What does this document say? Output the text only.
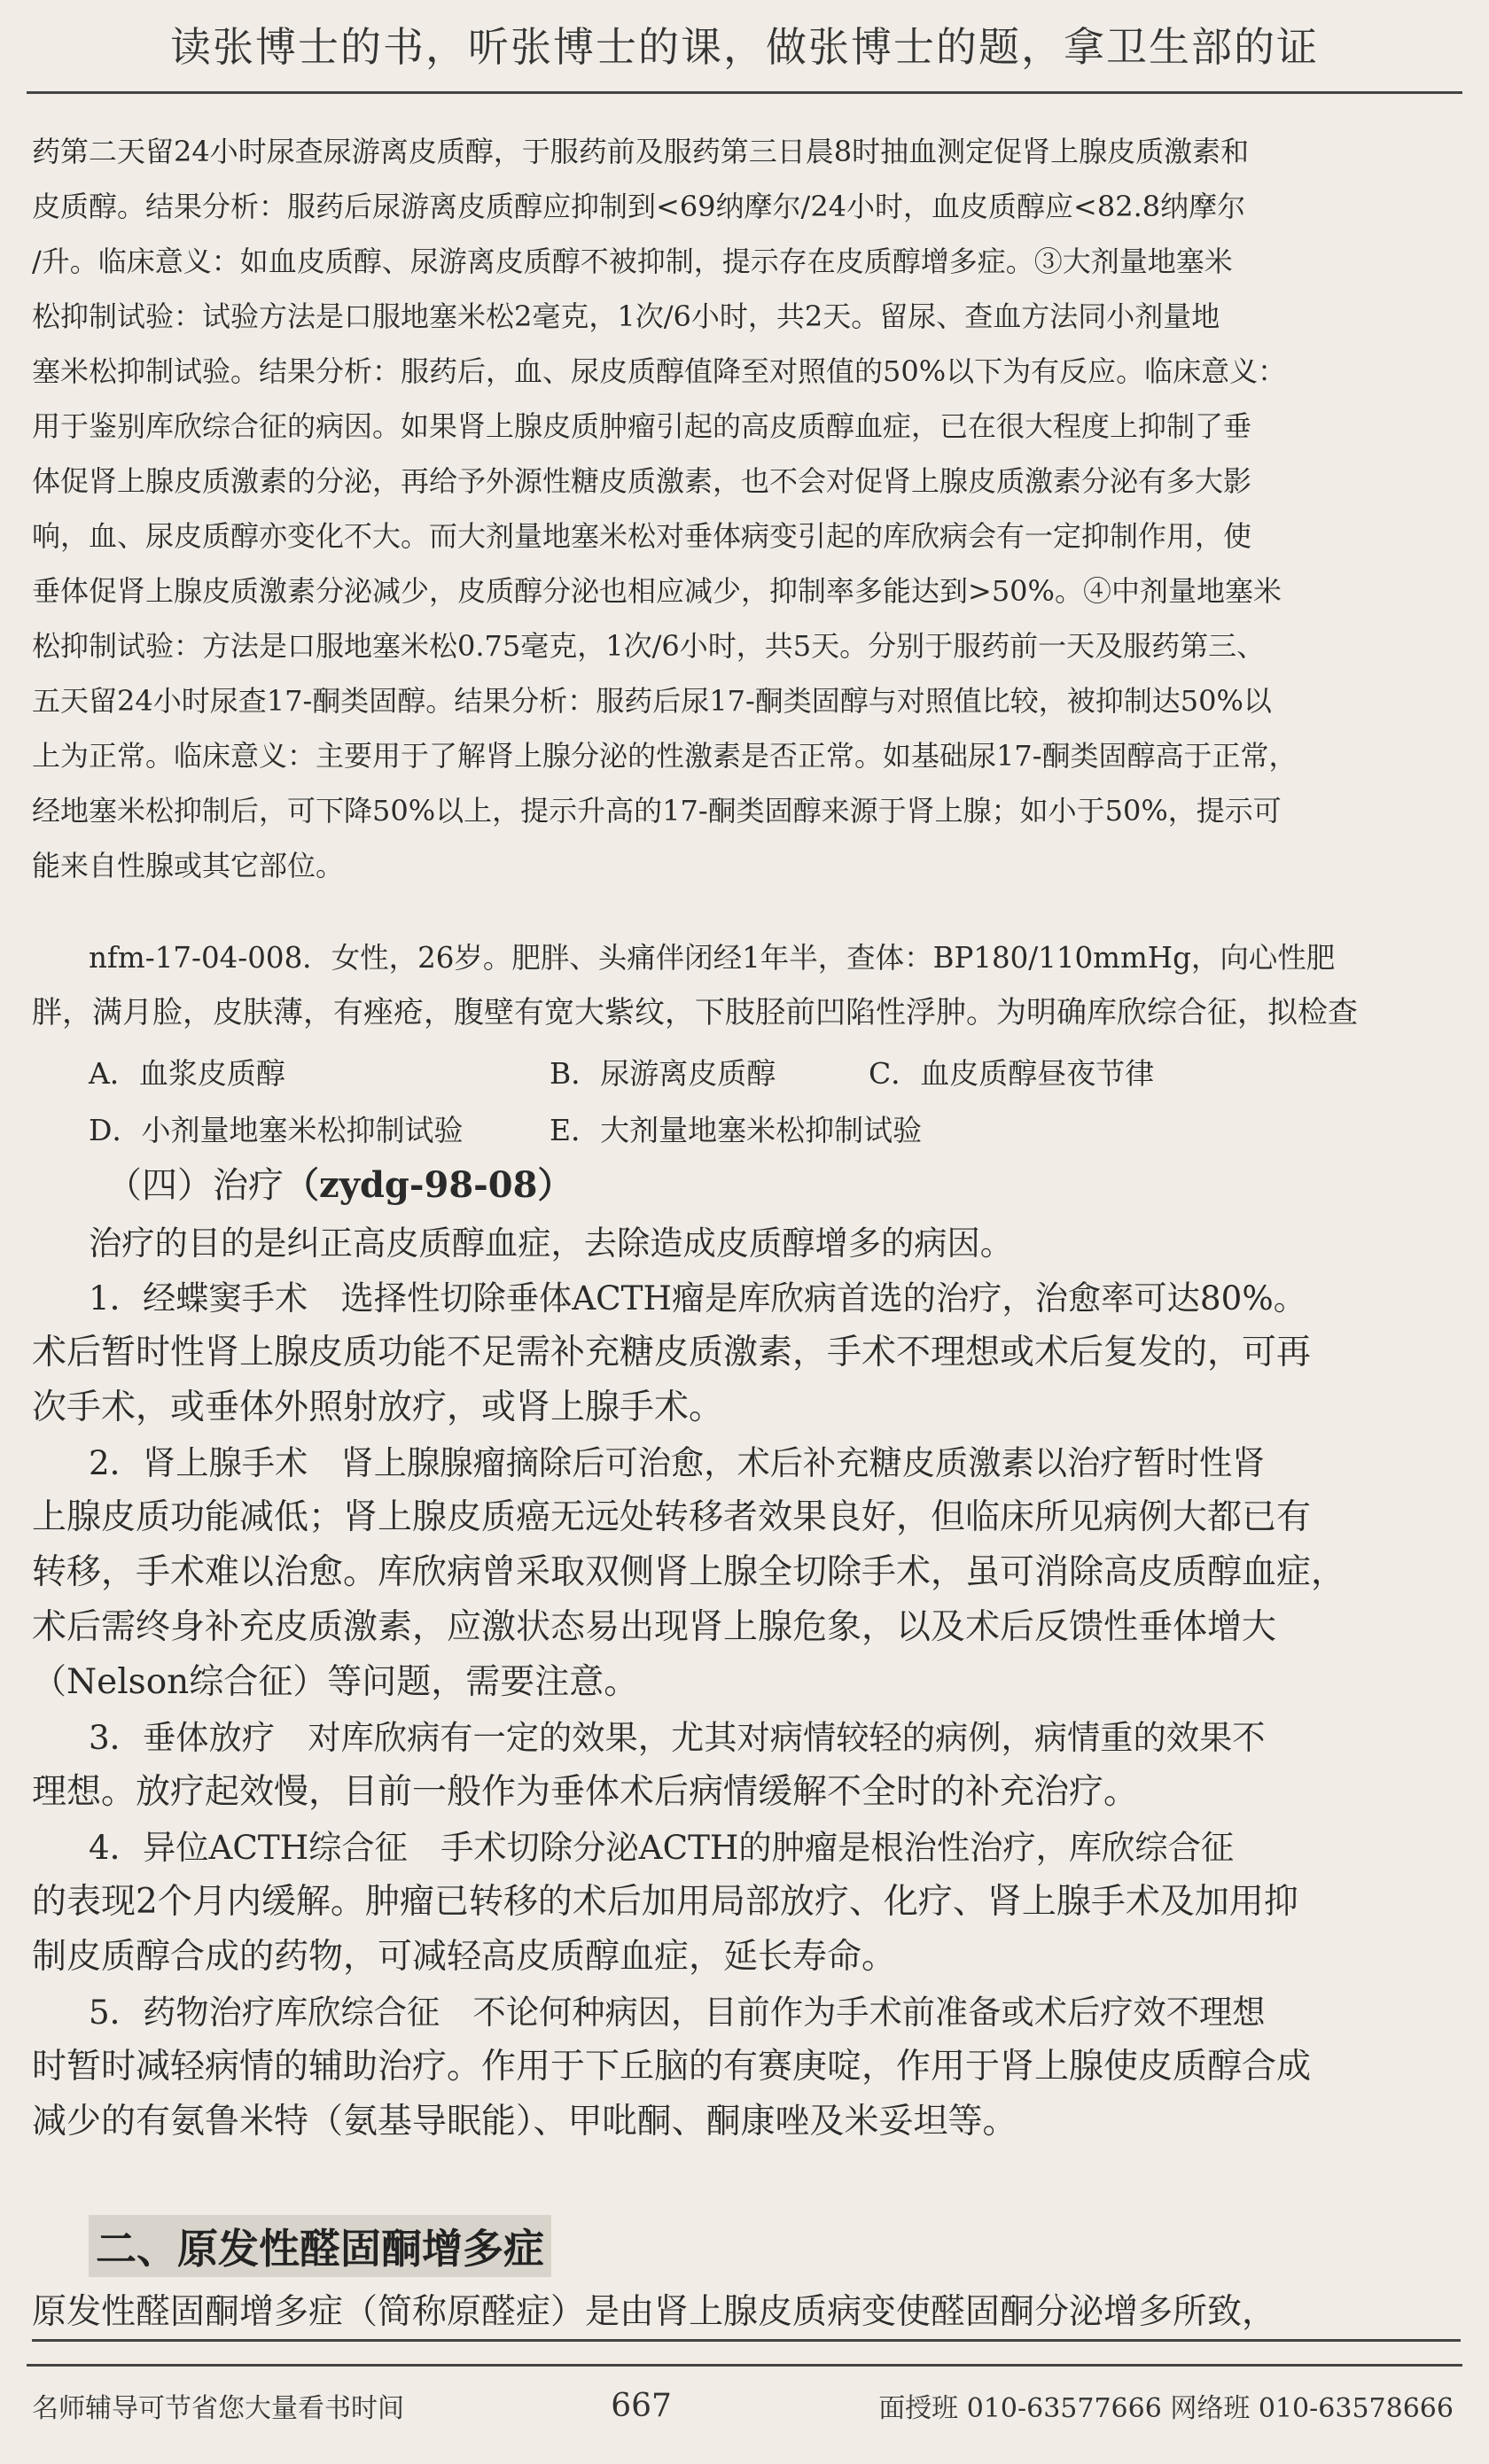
读张博士的书，听张博士的课，做张博士的题，拿卫生部的证
药第二天留24小时尿查尿游离皮质醇，于服药前及服药第三日晨8时抽血测定促肾上腺皮质激素和
皮质醇。结果分析：服药后尿游离皮质醇应抑制到<69纳摩尔/24小时，血皮质醇应<82.8纳摩尔
/升。临床意义：如血皮质醇、尿游离皮质醇不被抑制，提示存在皮质醇增多症。③大剂量地塞米
松抑制试验：试验方法是口服地塞米松2毫克，1次/6小时，共2天。留尿、查血方法同小剂量地
塞米松抑制试验。结果分析：服药后，血、尿皮质醇值降至对照值的50%以下为有反应。临床意义：
用于鉴别库欣综合征的病因。如果肾上腺皮质肿瘤引起的高皮质醇血症，已在很大程度上抑制了垂
体促肾上腺皮质激素的分泌，再给予外源性糖皮质激素，也不会对促肾上腺皮质激素分泌有多大影
响，血、尿皮质醇亦变化不大。而大剂量地塞米松对垂体病变引起的库欣病会有一定抑制作用，使
垂体促肾上腺皮质激素分泌减少，皮质醇分泌也相应减少，抑制率多能达到>50%。④中剂量地塞米
松抑制试验：方法是口服地塞米松0.75毫克，1次/6小时，共5天。分别于服药前一天及服药第三、
五天留24小时尿查17-酮类固醇。结果分析：服药后尿17-酮类固醇与对照值比较，被抑制达50%以
上为正常。临床意义：主要用于了解肾上腺分泌的性激素是否正常。如基础尿17-酮类固醇高于正常，
经地塞米松抑制后，可下降50%以上，提示升高的17-酮类固醇来源于肾上腺；如小于50%，提示可
能来自性腺或其它部位。
nfm-17-04-008．女性，26岁。肥胖、头痛伴闭经1年半，查体：BP180/110mmHg，向心性肥
胖，满月脸，皮肤薄，有痤疮，腹壁有宽大紫纹，下肢胫前凹陷性浮肿。为明确库欣综合征，拟检查
A．血浆皮质醇	B．尿游离皮质醇	C．血皮质醇昼夜节律
D．小剂量地塞米松抑制试验	E．大剂量地塞米松抑制试验
（四）治疗（zydg-98-08）
治疗的目的是纠正高皮质醇血症，去除造成皮质醇增多的病因。
1．经蝶窦手术　选择性切除垂体ACTH瘤是库欣病首选的治疗，治愈率可达80%。
术后暂时性肾上腺皮质功能不足需补充糖皮质激素，手术不理想或术后复发的，可再
次手术，或垂体外照射放疗，或肾上腺手术。
2．肾上腺手术　肾上腺腺瘤摘除后可治愈，术后补充糖皮质激素以治疗暂时性肾
上腺皮质功能减低；肾上腺皮质癌无远处转移者效果良好，但临床所见病例大都已有
转移，手术难以治愈。库欣病曾采取双侧肾上腺全切除手术，虽可消除高皮质醇血症，
术后需终身补充皮质激素，应激状态易出现肾上腺危象，以及术后反馈性垂体增大
（Nelson综合征）等问题，需要注意。
3．垂体放疗　对库欣病有一定的效果，尤其对病情较轻的病例，病情重的效果不
理想。放疗起效慢，目前一般作为垂体术后病情缓解不全时的补充治疗。
4．异位ACTH综合征　手术切除分泌ACTH的肿瘤是根治性治疗，库欣综合征
的表现2个月内缓解。肿瘤已转移的术后加用局部放疗、化疗、肾上腺手术及加用抑
制皮质醇合成的药物，可减轻高皮质醇血症，延长寿命。
5．药物治疗库欣综合征　不论何种病因，目前作为手术前准备或术后疗效不理想
时暂时减轻病情的辅助治疗。作用于下丘脑的有赛庚啶，作用于肾上腺使皮质醇合成
减少的有氨鲁米特（氨基导眠能）、甲吡酮、酮康唑及米妥坦等。
二、原发性醛固酮增多症
原发性醛固酮增多症（简称原醛症）是由肾上腺皮质病变使醛固酮分泌增多所致，
名师辅导可节省您大量看书时间	667	面授班 010-63577666 网络班 010-63578666
